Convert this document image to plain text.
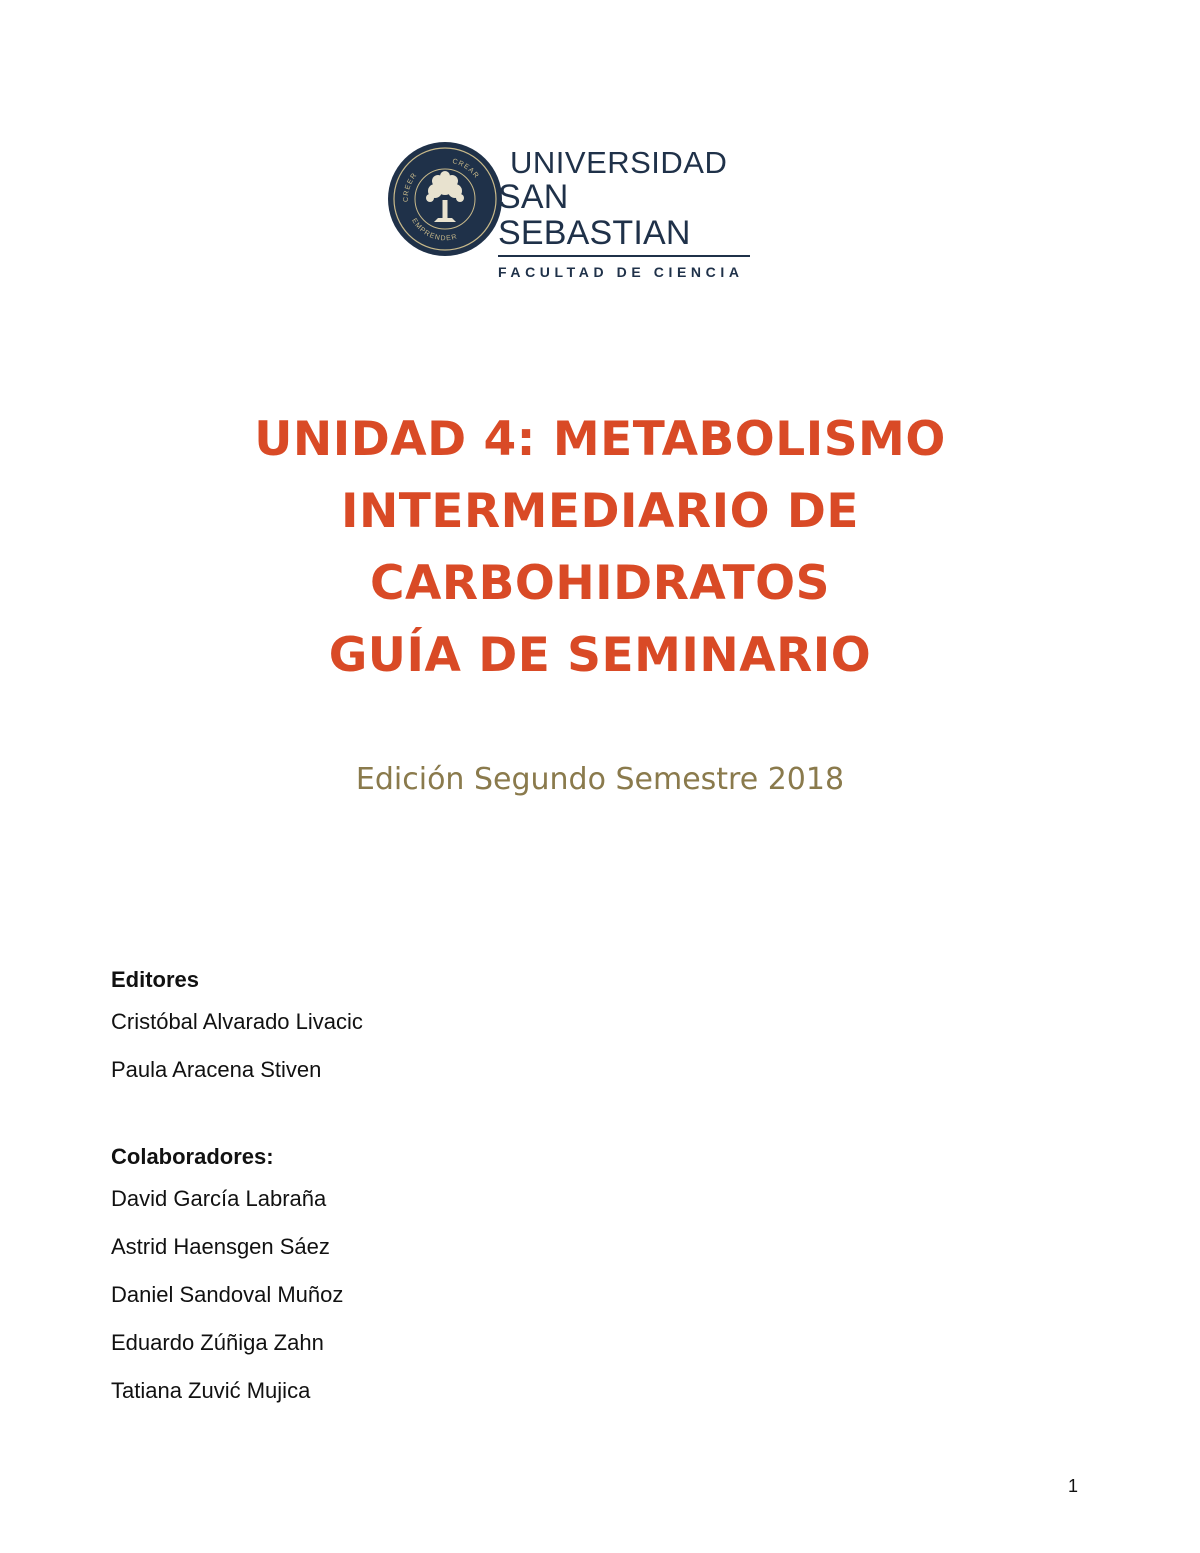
CREER
CREAR
EMPRENDER
UNIVERSIDAD
SAN SEBASTIAN
FACULTAD DE CIENCIA
UNIDAD 4: METABOLISMO
INTERMEDIARIO DE
CARBOHIDRATOS
GUÍA DE SEMINARIO
Edición Segundo Semestre 2018

Editores

Cristóbal Alvarado Livacic

Paula Aracena Stiven

Colaboradores:

David García Labraña

Astrid Haensgen Sáez

Daniel Sandoval Muñoz

Eduardo Zúñiga Zahn

Tatiana Zuvić Mujica

1
